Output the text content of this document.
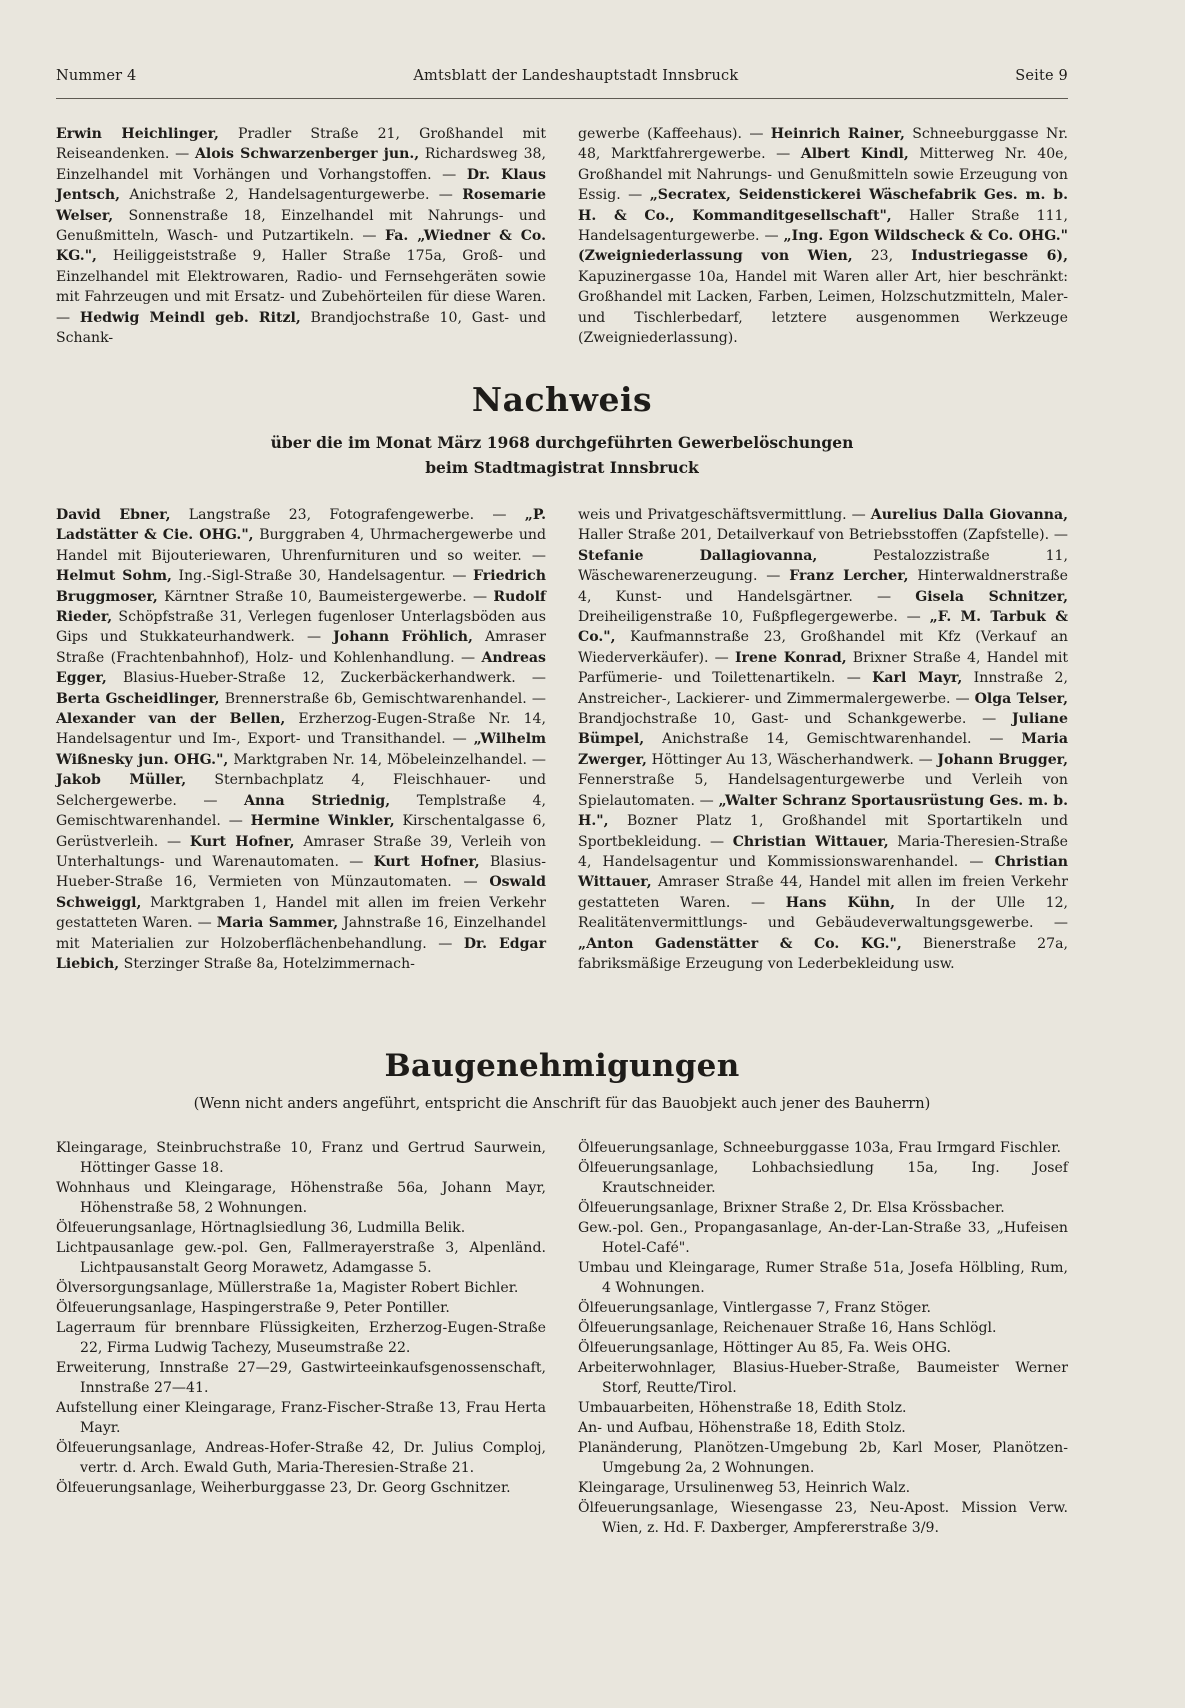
Nummer 4	Amtsblatt der Landeshauptstadt Innsbruck	Seite 9
Erwin Heichlinger, Pradler Straße 21, Großhandel mit Reiseandenken. — Alois Schwarzenberger jun., Richardsweg 38, Einzelhandel mit Vorhängen und Vorhangstoffen. — Dr. Klaus Jentsch, Anichstraße 2, Handelsagenturgewerbe. — Rosemarie Welser, Sonnenstraße 18, Einzelhandel mit Nahrungs- und Genußmitteln, Wasch- und Putzartikeln. — Fa. „Wiedner & Co. KG.", Heiliggeiststraße 9, Haller Straße 175a, Groß- und Einzelhandel mit Elektrowaren, Radio- und Fernsehgeräten sowie mit Fahrzeugen und mit Ersatz- und Zubehörteilen für diese Waren. — Hedwig Meindl geb. Ritzl, Brandjochstraße 10, Gast- und Schank-
gewerbe (Kaffeehaus). — Heinrich Rainer, Schneeburggasse Nr. 48, Marktfahrergewerbe. — Albert Kindl, Mitterweg Nr. 40e, Großhandel mit Nahrungs- und Genußmitteln sowie Erzeugung von Essig. — „Secratex, Seidenstickerei Wäschefabrik Ges. m. b. H. & Co., Kommanditgesellschaft", Haller Straße 111, Handelsagenturgewerbe. — „Ing. Egon Wildscheck & Co. OHG." (Zweigniederlassung von Wien, 23, Industriegasse 6), Kapuzinergasse 10a, Handel mit Waren aller Art, hier beschränkt: Großhandel mit Lacken, Farben, Leimen, Holzschutzmitteln, Maler- und Tischlerbedarf, letztere ausgenommen Werkzeuge (Zweigniederlassung).
Nachweis
über die im Monat März 1968 durchgeführten Gewerbelöschungen
beim Stadtmagistrat Innsbruck
David Ebner, Langstraße 23, Fotografengewerbe. — „P. Ladstätter & Cie. OHG.", Burggraben 4, Uhrmachergewerbe und Handel mit Bijouteriewaren, Uhrenfurnituren und so weiter. — Helmut Sohm, Ing.-Sigl-Straße 30, Handelsagentur. — Friedrich Bruggmoser, Kärntner Straße 10, Baumeistergewerbe. — Rudolf Rieder, Schöpfstraße 31, Verlegen fugenloser Unterlagsböden aus Gips und Stukkateurhandwerk. — Johann Fröhlich, Amraser Straße (Frachtenbahnhof), Holz- und Kohlenhandlung. — Andreas Egger, Blasius-Hueber-Straße 12, Zuckerbäckerhandwerk. — Berta Gscheidlinger, Brennerstraße 6b, Gemischtwarenhandel. — Alexander van der Bellen, Erzherzog-Eugen-Straße Nr. 14, Handelsagentur und Im-, Export- und Transithandel. — „Wilhelm Wißnesky jun. OHG.", Marktgraben Nr. 14, Möbeleinzelhandel. — Jakob Müller, Sternbachplatz 4, Fleischhauer- und Selchergewerbe. — Anna Striednig, Templstraße 4, Gemischtwarenhandel. — Hermine Winkler, Kirschentalgasse 6, Gerüstverleih. — Kurt Hofner, Amraser Straße 39, Verleih von Unterhaltungs- und Warenautomaten. — Kurt Hofner, Blasius-Hueber-Straße 16, Vermieten von Münzautomaten. — Oswald Schweiggl, Marktgraben 1, Handel mit allen im freien Verkehr gestatteten Waren. — Maria Sammer, Jahnstraße 16, Einzelhandel mit Materialien zur Holzoberflächenbehandlung. — Dr. Edgar Liebich, Sterzinger Straße 8a, Hotelzimmernach-
weis und Privatgeschäftsvermittlung. — Aurelius Dalla Giovanna, Haller Straße 201, Detailverkauf von Betriebsstoffen (Zapfstelle). — Stefanie Dallagiovanna, Pestalozzistraße 11, Wäschewarenerzeugung. — Franz Lercher, Hinterwaldnerstraße 4, Kunst- und Handelsgärtner. — Gisela Schnitzer, Dreiheiligenstraße 10, Fußpflegergewerbe. — „F. M. Tarbuk & Co.", Kaufmannstraße 23, Großhandel mit Kfz (Verkauf an Wiederverkäufer). — Irene Konrad, Brixner Straße 4, Handel mit Parfümerie- und Toilettenartikeln. — Karl Mayr, Innstraße 2, Anstreicher-, Lackierer- und Zimmermalergewerbe. — Olga Telser, Brandjochstraße 10, Gast- und Schankgewerbe. — Juliane Bümpel, Anichstraße 14, Gemischtwarenhandel. — Maria Zwerger, Höttinger Au 13, Wäscherhandwerk. — Johann Brugger, Fennerstraße 5, Handelsagenturgewerbe und Verleih von Spielautomaten. — „Walter Schranz Sportausrüstung Ges. m. b. H.", Bozner Platz 1, Großhandel mit Sportartikeln und Sportbekleidung. — Christian Wittauer, Maria-Theresien-Straße 4, Handelsagentur und Kommissionswarenhandel. — Christian Wittauer, Amraser Straße 44, Handel mit allen im freien Verkehr gestatteten Waren. — Hans Kühn, In der Ulle 12, Realitätenvermittlungs- und Gebäudeverwaltungsgewerbe. — „Anton Gadenstätter & Co. KG.", Bienerstraße 27a, fabriksmäßige Erzeugung von Lederbekleidung usw.
Baugenehmigungen
(Wenn nicht anders angeführt, entspricht die Anschrift für das Bauobjekt auch jener des Bauherrn)

Kleingarage, Steinbruchstraße 10, Franz und Gertrud Saurwein, Höttinger Gasse 18.

Wohnhaus und Kleingarage, Höhenstraße 56a, Johann Mayr, Höhenstraße 58, 2 Wohnungen.

Ölfeuerungsanlage, Hörtnaglsiedlung 36, Ludmilla Belik.

Lichtpausanlage gew.-pol. Gen, Fallmerayerstraße 3, Alpenländ. Lichtpausanstalt Georg Morawetz, Adamgasse 5.

Ölversorgungsanlage, Müllerstraße 1a, Magister Robert Bichler.

Ölfeuerungsanlage, Haspingerstraße 9, Peter Pontiller.

Lagerraum für brennbare Flüssigkeiten, Erzherzog-Eugen-Straße 22, Firma Ludwig Tachezy, Museumstraße 22.

Erweiterung, Innstraße 27—29, Gastwirteeinkaufsgenossenschaft, Innstraße 27—41.

Aufstellung einer Kleingarage, Franz-Fischer-Straße 13, Frau Herta Mayr.

Ölfeuerungsanlage, Andreas-Hofer-Straße 42, Dr. Julius Comploj, vertr. d. Arch. Ewald Guth, Maria-Theresien-Straße 21.

Ölfeuerungsanlage, Weiherburggasse 23, Dr. Georg Gschnitzer.

Ölfeuerungsanlage, Schneeburggasse 103a, Frau Irmgard Fischler.

Ölfeuerungsanlage, Lohbachsiedlung 15a, Ing. Josef Krautschneider.

Ölfeuerungsanlage, Brixner Straße 2, Dr. Elsa Krössbacher.

Gew.-pol. Gen., Propangasanlage, An-der-Lan-Straße 33, „Hufeisen Hotel-Café".

Umbau und Kleingarage, Rumer Straße 51a, Josefa Hölbling, Rum, 4 Wohnungen.

Ölfeuerungsanlage, Vintlergasse 7, Franz Stöger.

Ölfeuerungsanlage, Reichenauer Straße 16, Hans Schlögl.

Ölfeuerungsanlage, Höttinger Au 85, Fa. Weis OHG.

Arbeiterwohnlager, Blasius-Hueber-Straße, Baumeister Werner Storf, Reutte/Tirol.

Umbauarbeiten, Höhenstraße 18, Edith Stolz.

An- und Aufbau, Höhenstraße 18, Edith Stolz.

Planänderung, Planötzen-Umgebung 2b, Karl Moser, Planötzen-Umgebung 2a, 2 Wohnungen.

Kleingarage, Ursulinenweg 53, Heinrich Walz.

Ölfeuerungsanlage, Wiesengasse 23, Neu-Apost. Mission Verw. Wien, z. Hd. F. Daxberger, Ampfererstraße 3/9.
